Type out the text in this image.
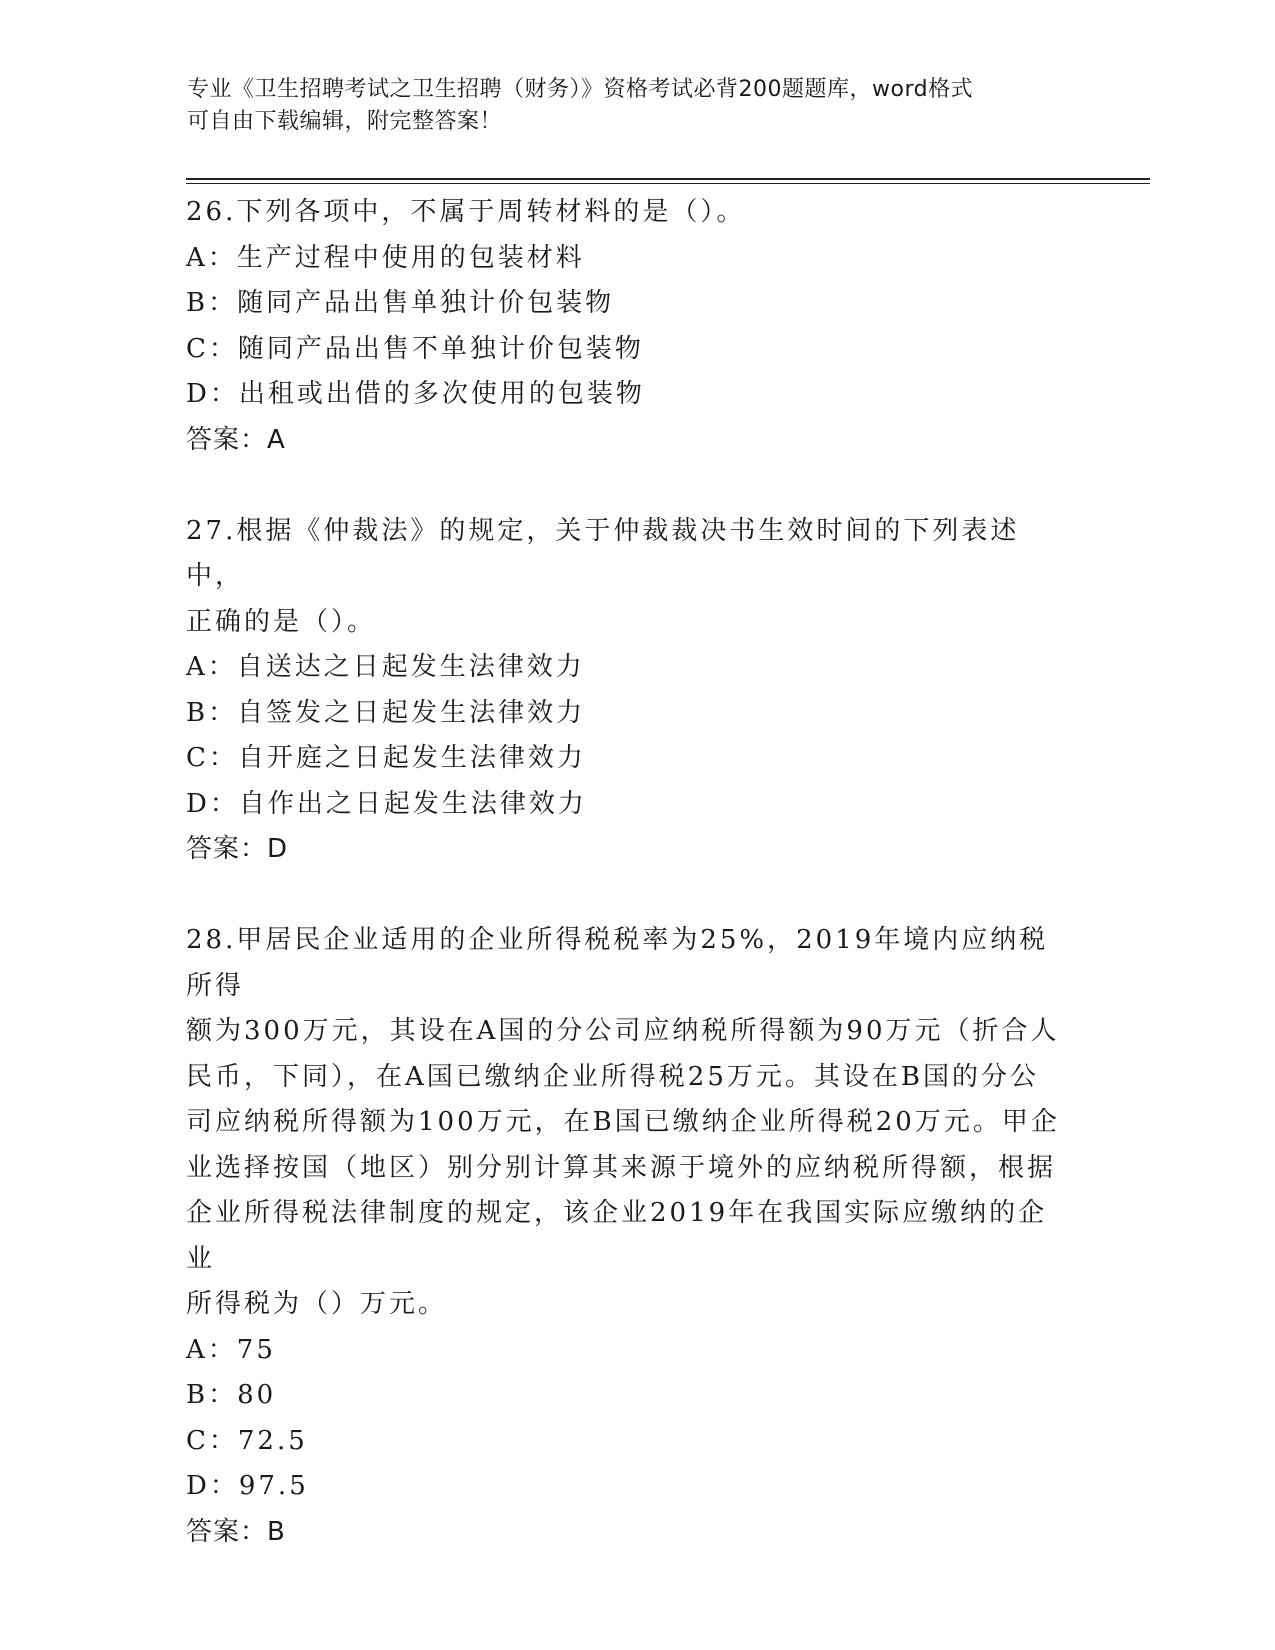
专业《卫生招聘考试之卫生招聘（财务）》资格考试必背200题题库，word格式
可自由下载编辑，附完整答案！

26.下列各项中，不属于周转材料的是（）。

A：生产过程中使用的包装材料

B：随同产品出售单独计价包装物

C：随同产品出售不单独计价包装物

D：出租或出借的多次使用的包装物

答案：A

27.根据《仲裁法》的规定，关于仲裁裁决书生效时间的下列表述中，

正确的是（）。

A：自送达之日起发生法律效力

B：自签发之日起发生法律效力

C：自开庭之日起发生法律效力

D：自作出之日起发生法律效力

答案：D

28.甲居民企业适用的企业所得税税率为25%，2019年境内应纳税所得

额为300万元，其设在A国的分公司应纳税所得额为90万元（折合人

民币，下同），在A国已缴纳企业所得税25万元。其设在B国的分公

司应纳税所得额为100万元，在B国已缴纳企业所得税20万元。甲企

业选择按国（地区）别分别计算其来源于境外的应纳税所得额，根据

企业所得税法律制度的规定，该企业2019年在我国实际应缴纳的企业

所得税为（）万元。

A：75

B：80

C：72.5

D：97.5

答案：B
